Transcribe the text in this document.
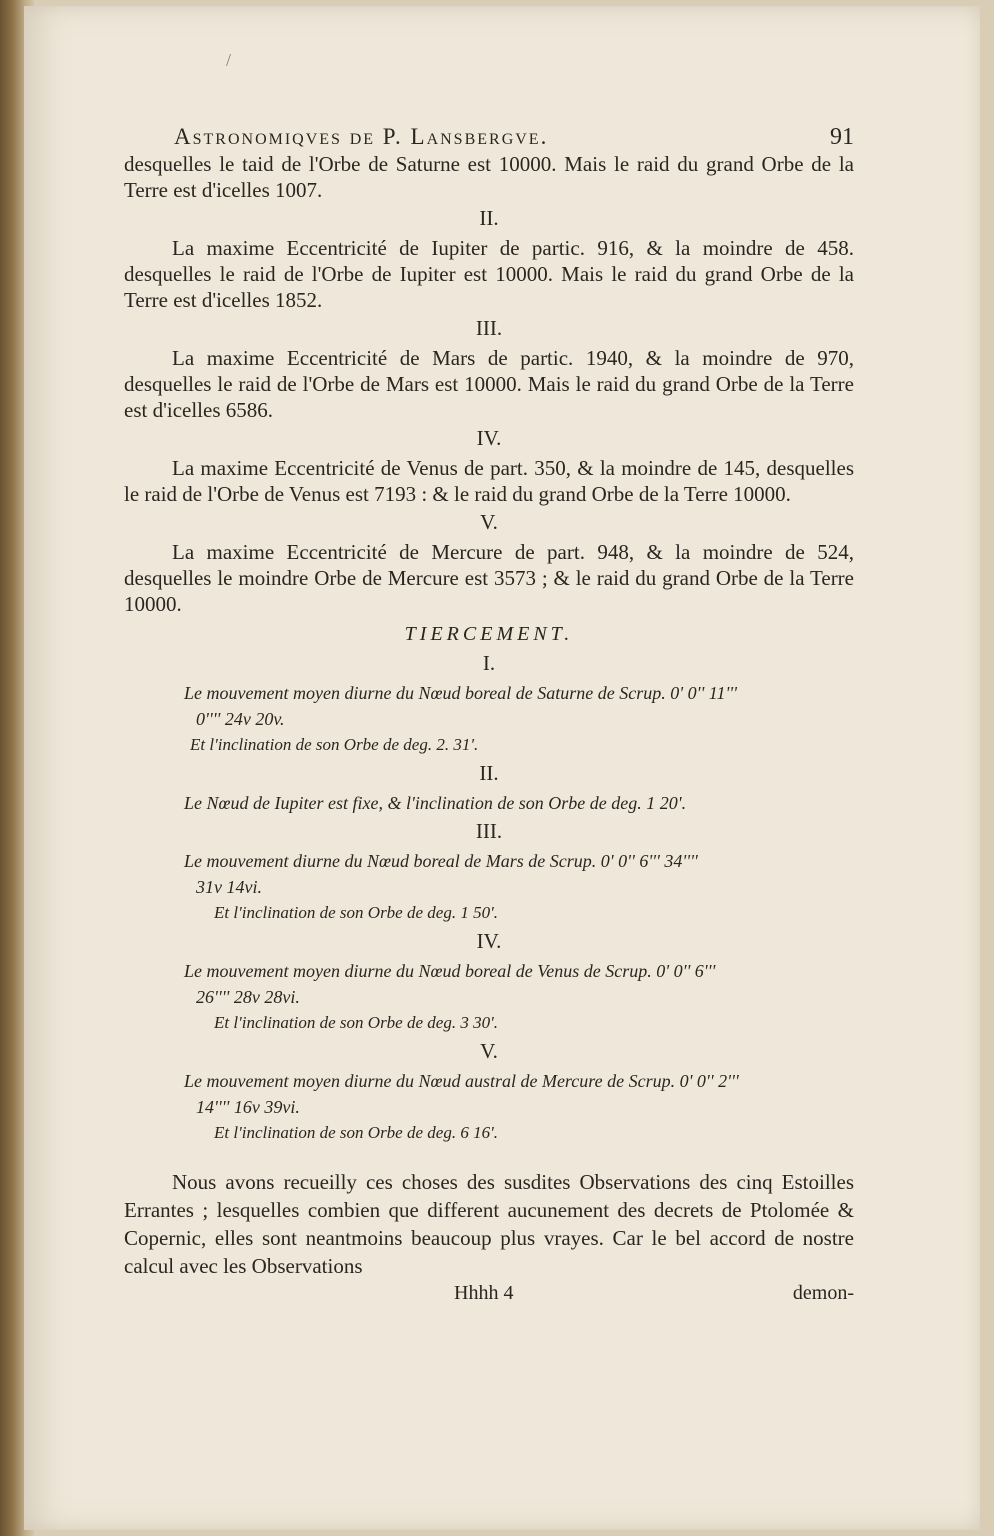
/
Astronomiqves de P. Lansbergve.	91

desquelles le taid de l'Orbe de Saturne est 10000. Mais le raid du grand Orbe de la Terre est d'icelles 1007.

II.

La maxime Eccentricité de Iupiter de partic. 916, & la moindre de 458. desquelles le raid de l'Orbe de Iupiter est 10000. Mais le raid du grand Orbe de la Terre est d'icelles 1852.

III.

La maxime Eccentricité de Mars de partic. 1940, & la moindre de 970, desquelles le raid de l'Orbe de Mars est 10000. Mais le raid du grand Orbe de la Terre est d'icelles 6586.

IV.

La maxime Eccentricité de Venus de part. 350, & la moindre de 145, desquelles le raid de l'Orbe de Venus est 7193 : & le raid du grand Orbe de la Terre 10000.

V.

La maxime Eccentricité de Mercure de part. 948, & la moindre de 524, desquelles le moindre Orbe de Mercure est 3573 ; & le raid du grand Orbe de la Terre 10000.

TIERCEMENT.
I.

Le mouvement moyen diurne du Nœud boreal de Saturne de Scrup. 0' 0'' 11'''

0'''' 24v 20v.

Et l'inclination de son Orbe de deg. 2. 31'.

II.

Le Nœud de Iupiter est fixe, & l'inclination de son Orbe de deg. 1 20'.

III.

Le mouvement diurne du Nœud boreal de Mars de Scrup. 0' 0'' 6''' 34''''

31v 14vi.

Et l'inclination de son Orbe de deg. 1 50'.

IV.

Le mouvement moyen diurne du Nœud boreal de Venus de Scrup. 0' 0'' 6'''

26'''' 28v 28vi.

Et l'inclination de son Orbe de deg. 3 30'.

V.

Le mouvement moyen diurne du Nœud austral de Mercure de Scrup. 0' 0'' 2'''

14'''' 16v 39vi.

Et l'inclination de son Orbe de deg. 6 16'.

Nous avons recueilly ces choses des susdites Observations des cinq Estoilles Errantes ; lesquelles combien que different aucunement des decrets de Ptolomée & Copernic, elles sont neantmoins beaucoup plus vrayes. Car le bel accord de nostre calcul avec les Observations

Hhhh 4	demon-
